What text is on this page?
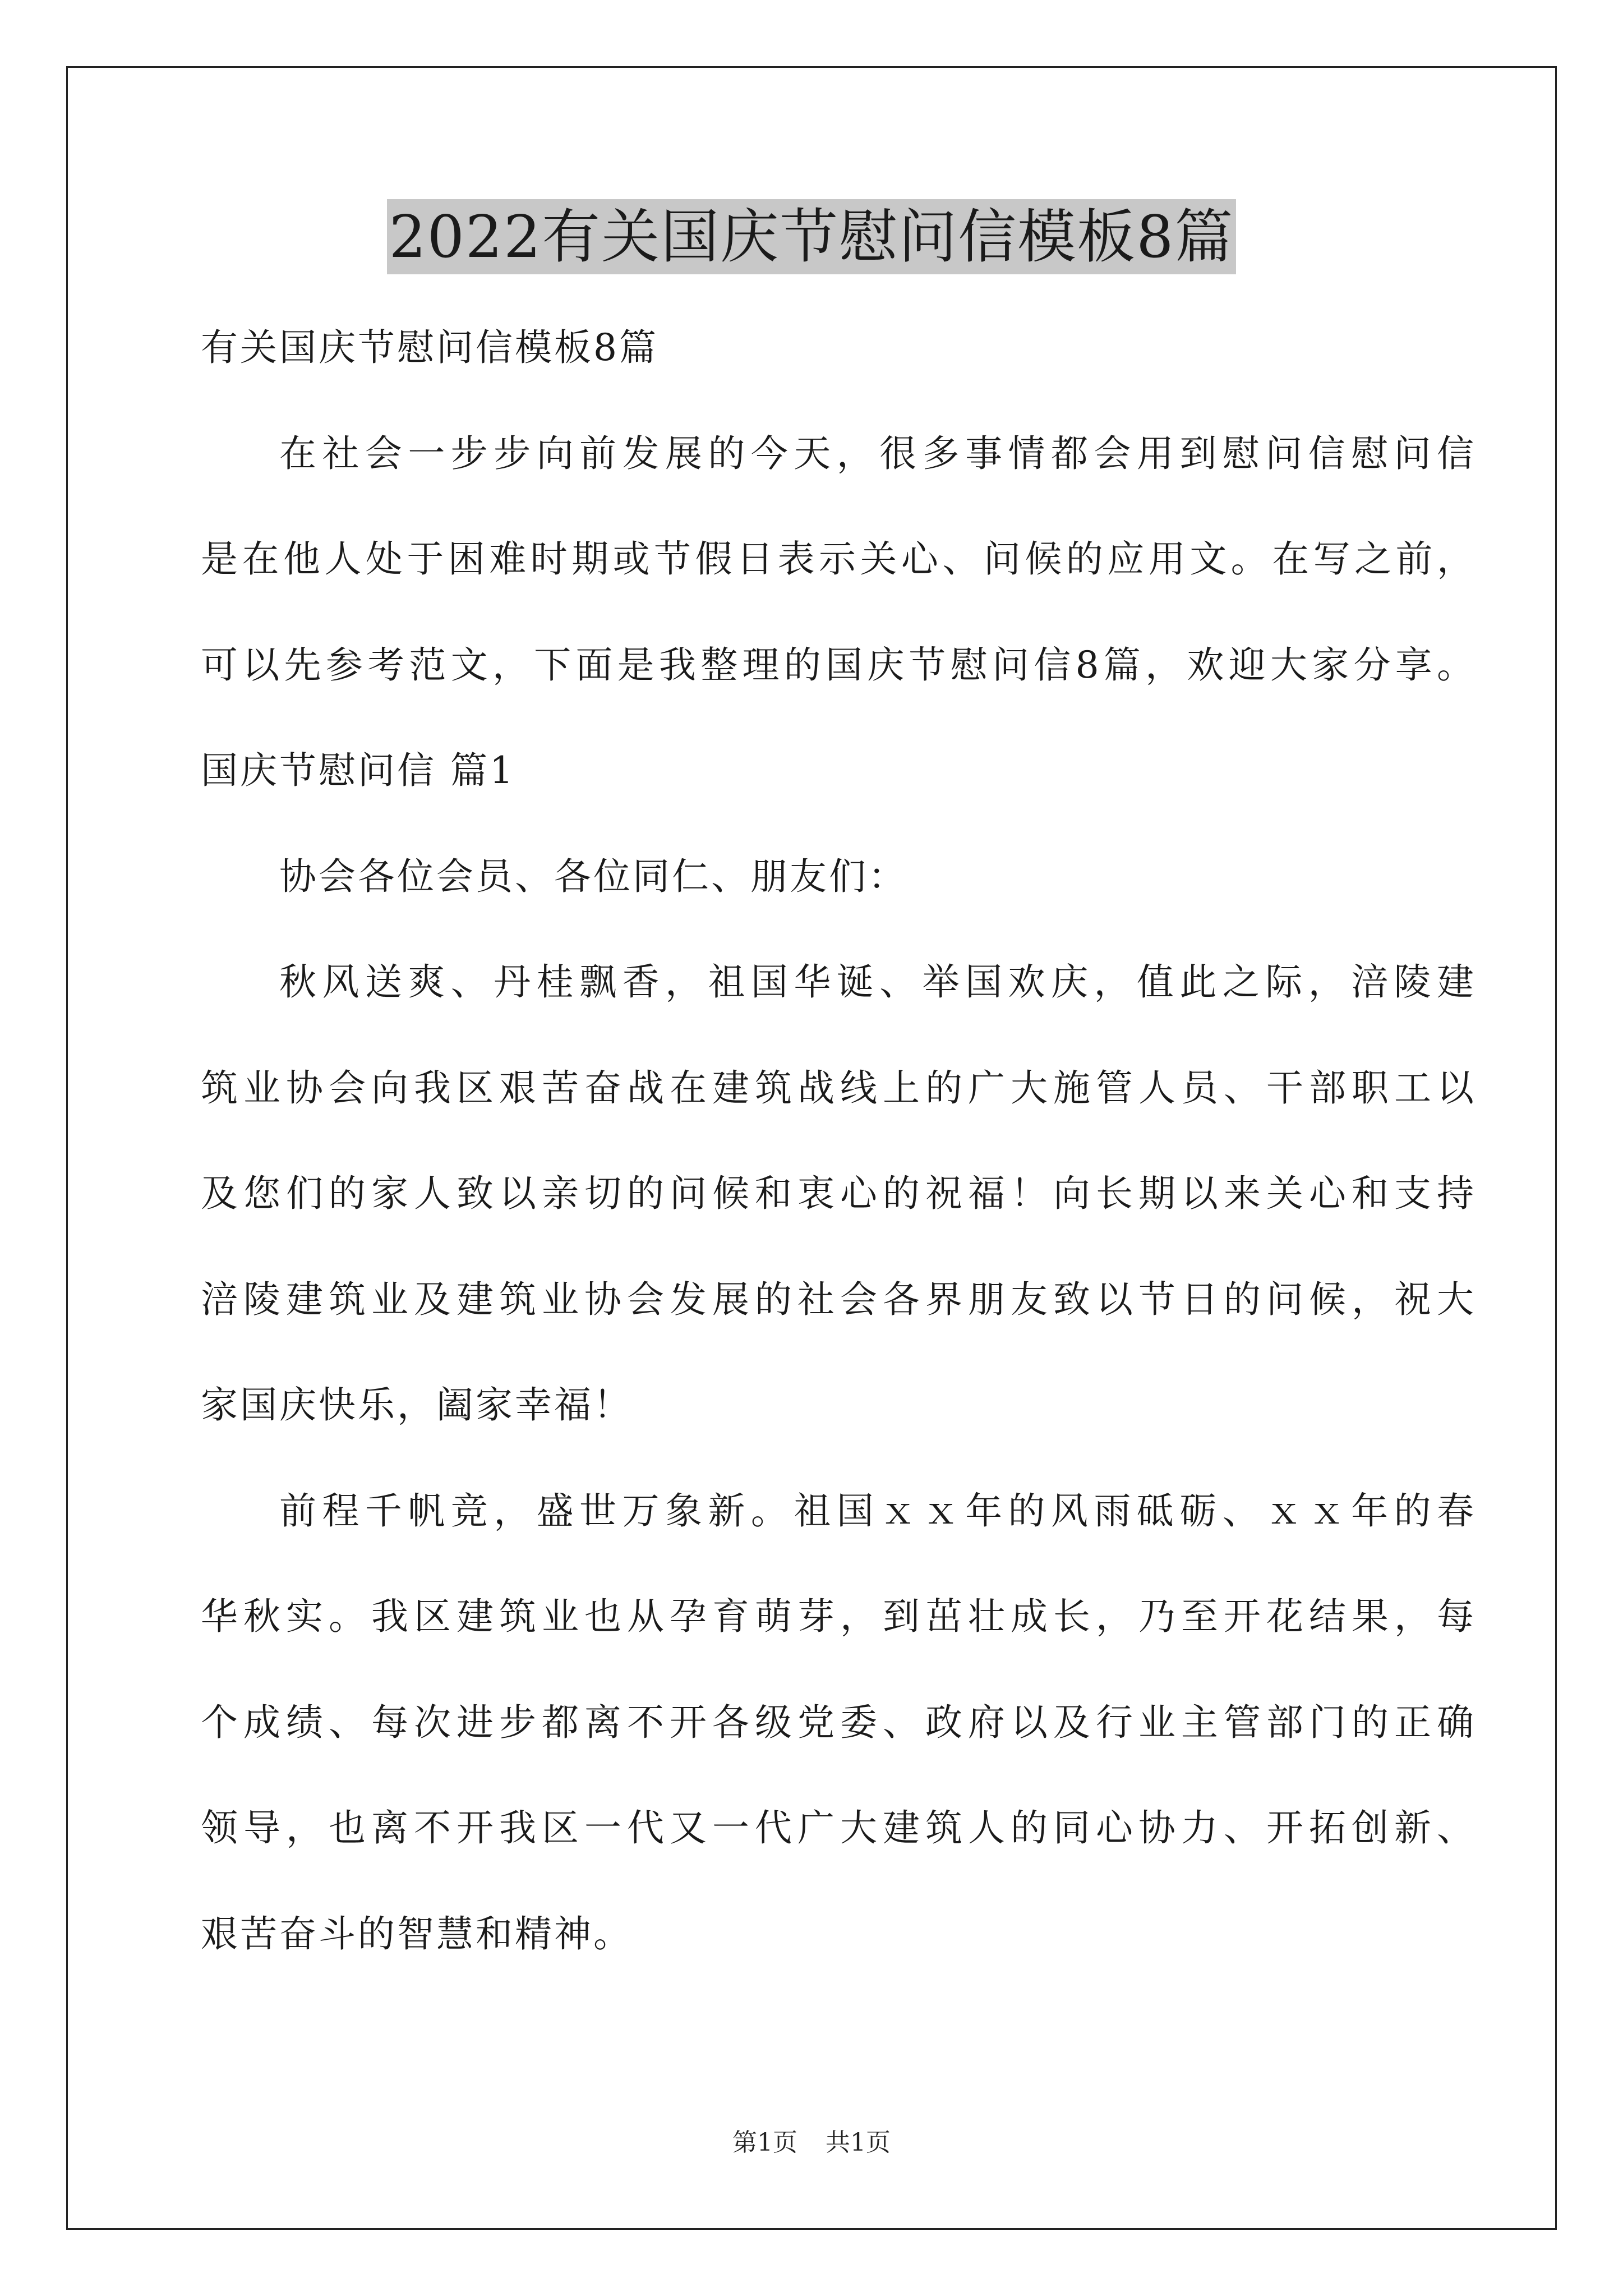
2022有关国庆节慰问信模板8篇
有关国庆节慰问信模板8篇
在社会一步步向前发展的今天，很多事情都会用到慰问信慰问信
是在他人处于困难时期或节假日表示关心、问候的应用文。在写之前，
可以先参考范文，下面是我整理的国庆节慰问信8篇，欢迎大家分享。
国庆节慰问信 篇1
协会各位会员、各位同仁、朋友们：
秋风送爽、丹桂飘香，祖国华诞、举国欢庆，值此之际，涪陵建
筑业协会向我区艰苦奋战在建筑战线上的广大施管人员、干部职工以
及您们的家人致以亲切的问候和衷心的祝福！向长期以来关心和支持
涪陵建筑业及建筑业协会发展的社会各界朋友致以节日的问候，祝大
家国庆快乐，阖家幸福！
前程千帆竞，盛世万象新。祖国ｘｘ年的风雨砥砺、ｘｘ年的春
华秋实。我区建筑业也从孕育萌芽，到茁壮成长，乃至开花结果，每
个成绩、每次进步都离不开各级党委、政府以及行业主管部门的正确
领导，也离不开我区一代又一代广大建筑人的同心协力、开拓创新、
艰苦奋斗的智慧和精神。
第1页 共1页
